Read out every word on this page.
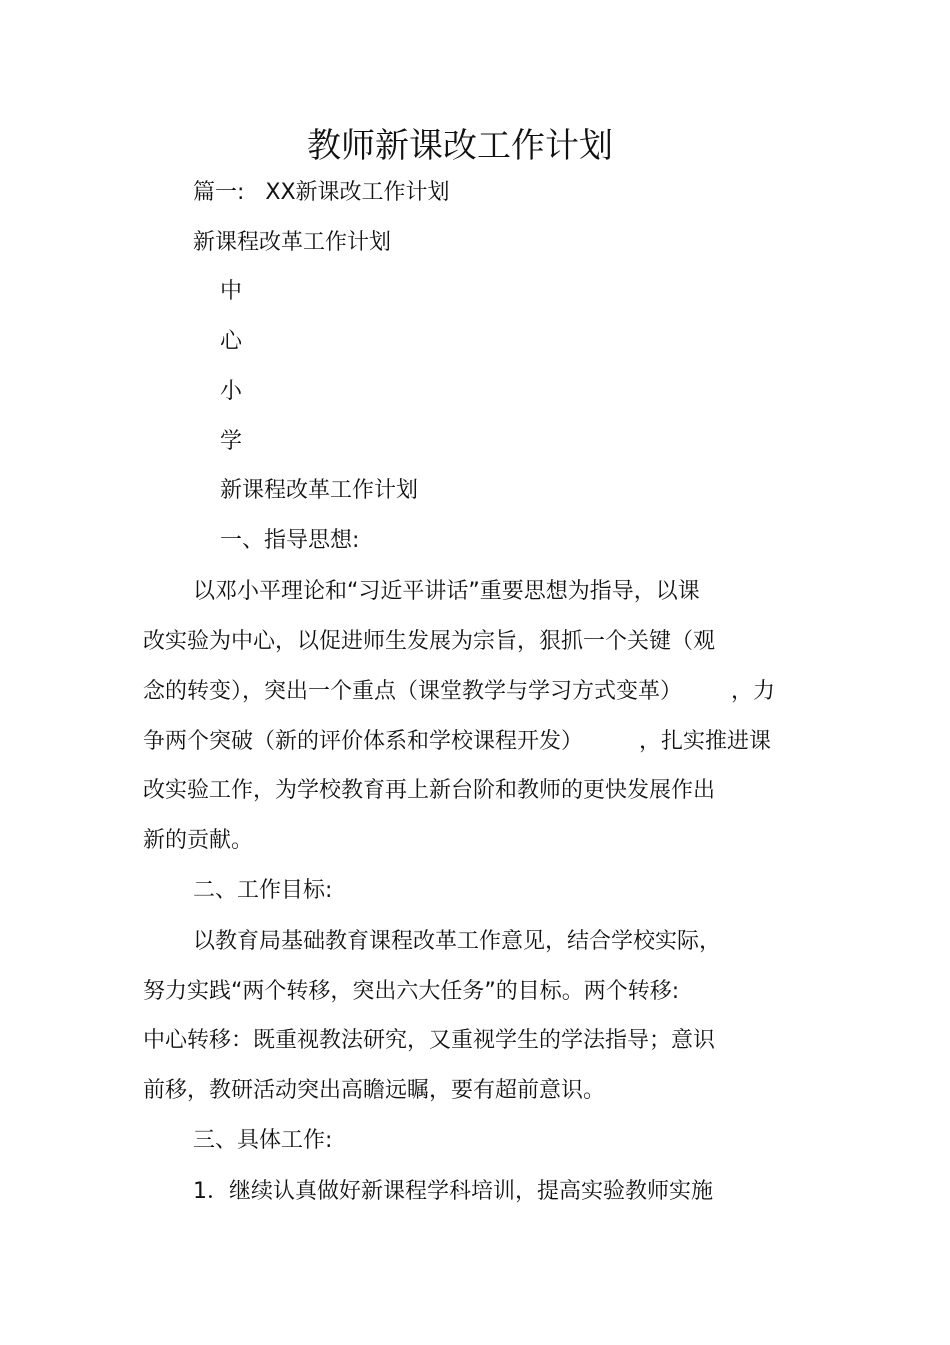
教师新课改工作计划
篇一:   XX新课改工作计划
新课程改革工作计划
中
心
小
学
新课程改革工作计划
一、指导思想:
以邓小平理论和“习近平讲话”重要思想为指导，以课
改实验为中心，以促进师生发展为宗旨，狠抓一个关键（观
念的转变），突出一个重点（课堂教学与学习方式变革）       ，力
争两个突破（新的评价体系和学校课程开发）        ，扎实推进课
改实验工作，为学校教育再上新台阶和教师的更快发展作出
新的贡献。
二、工作目标:
以教育局基础教育课程改革工作意见，结合学校实际，
努力实践“两个转移，突出六大任务”的目标。两个转移:
中心转移：既重视教法研究，又重视学生的学法指导；意识
前移，教研活动突出高瞻远瞩，要有超前意识。
三、具体工作:
1．继续认真做好新课程学科培训，提高实验教师实施
